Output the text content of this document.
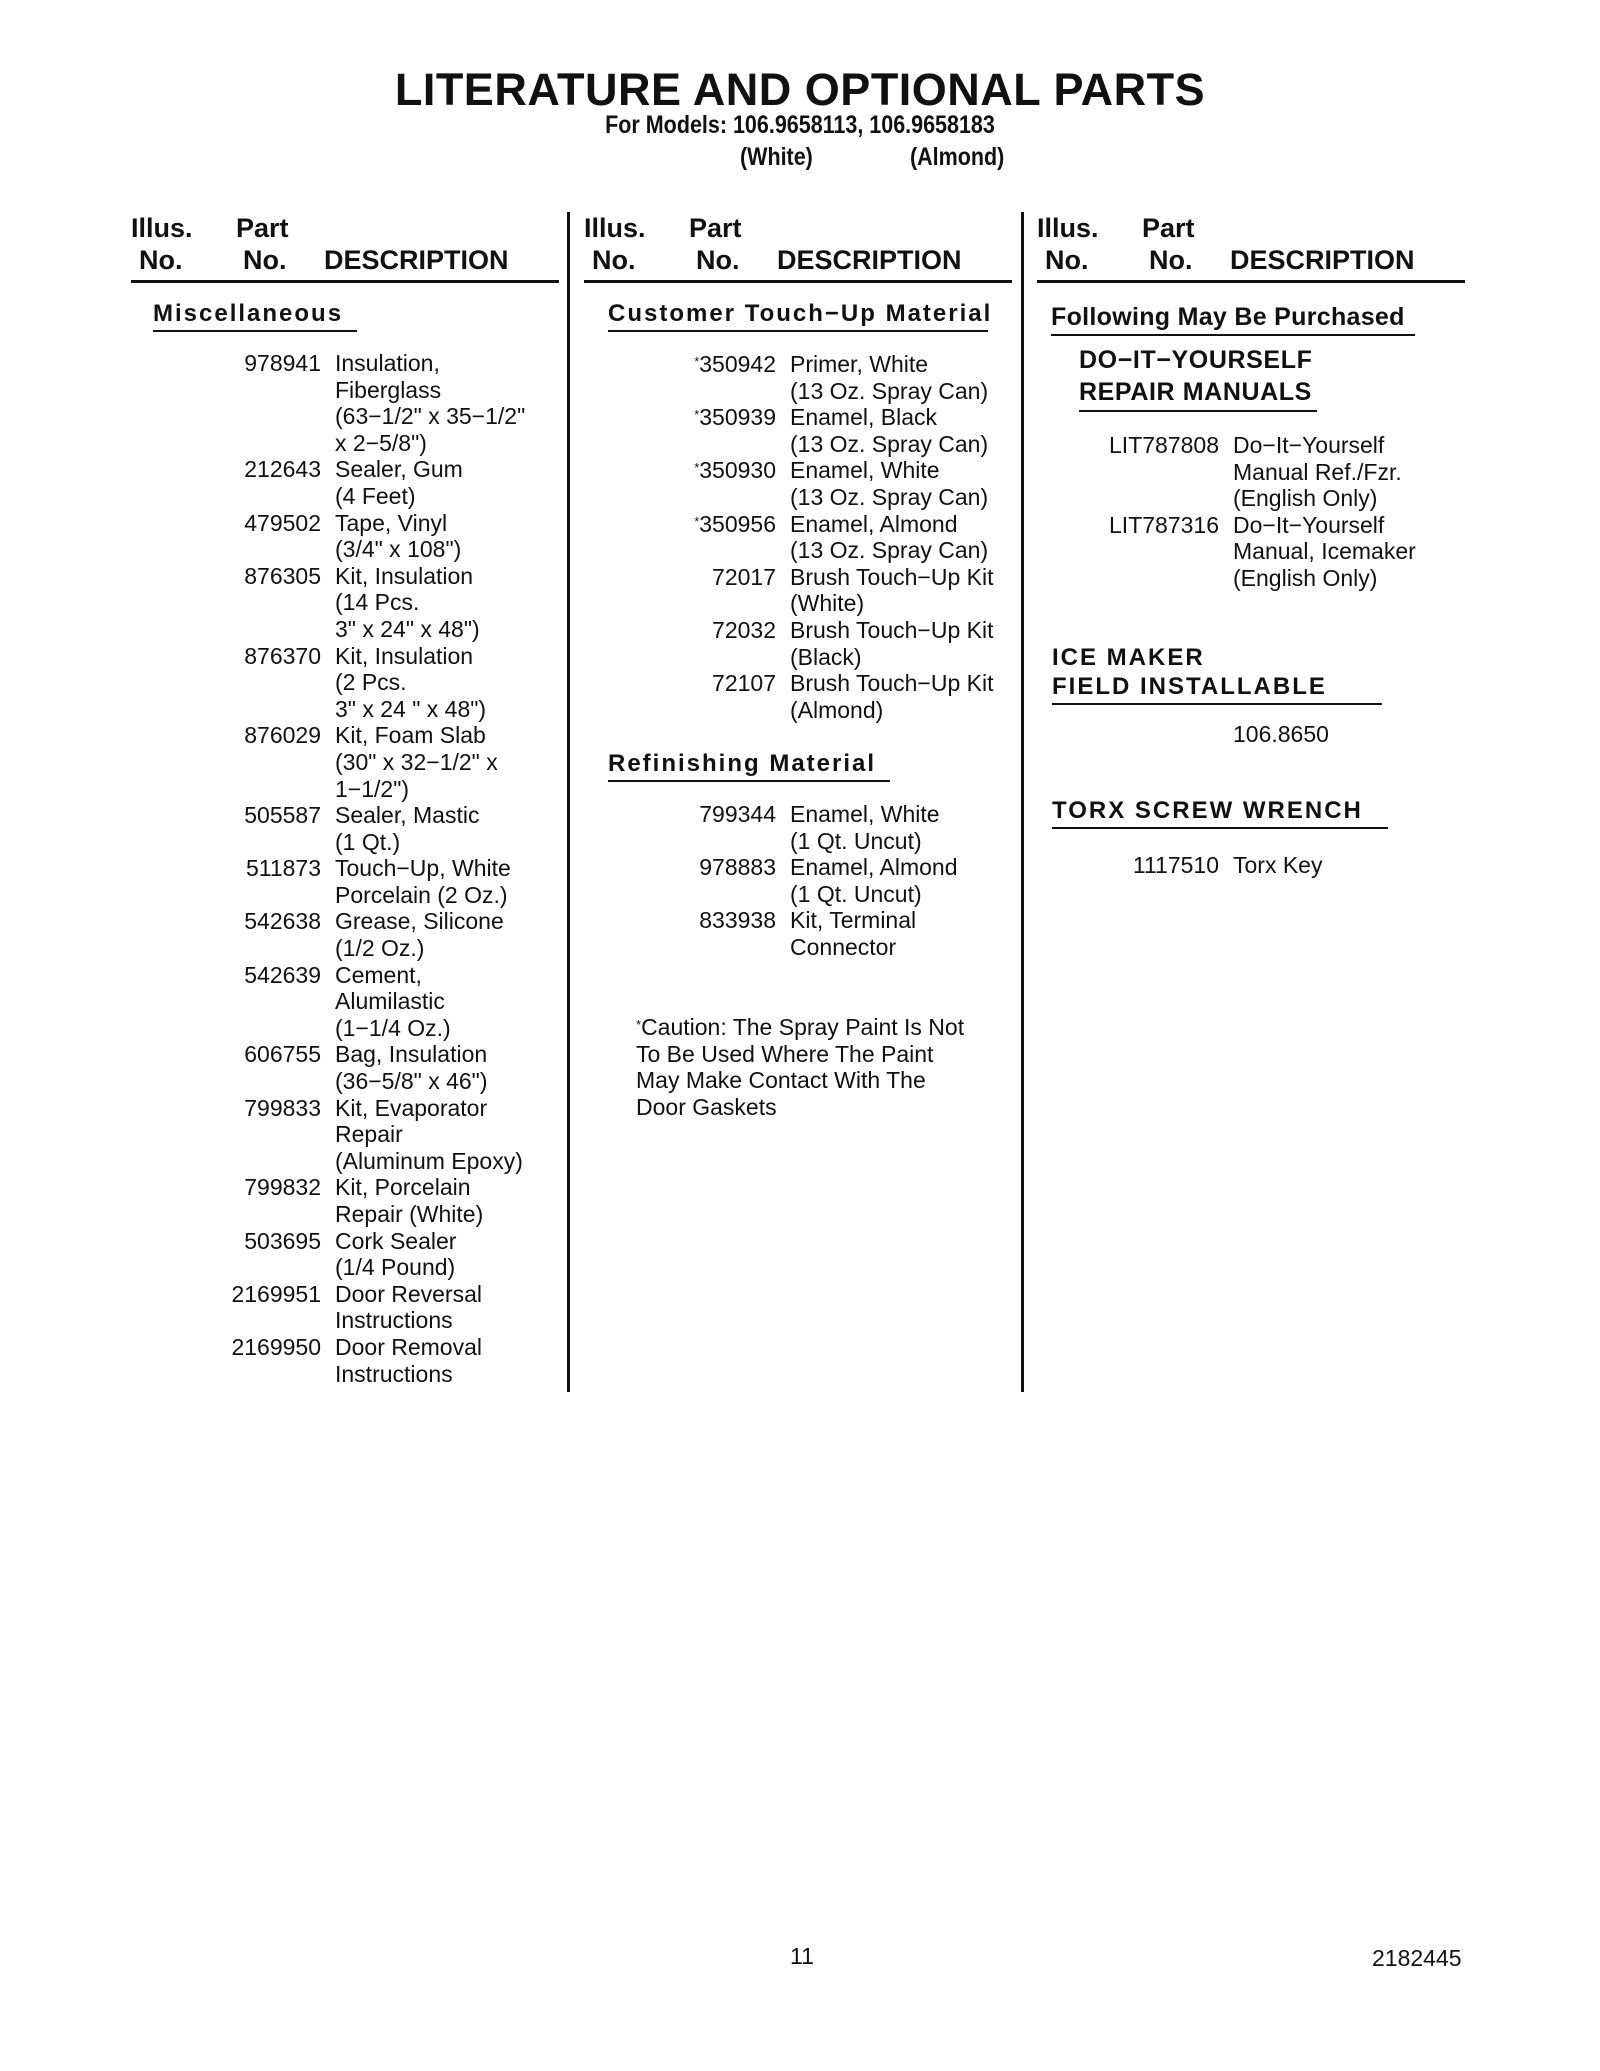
LITERATURE AND OPTIONAL PARTS
For Models: 106.9658113, 106.9658183
(White)	(Almond)
Illus. Part
No. No. DESCRIPTION
Illus. Part
No. No. DESCRIPTION
Illus. Part
No. No. DESCRIPTION
Miscellaneous
978941 Insulation,
Fiberglass
(63−1/2" x 35−1/2"
x 2−5/8")
212643 Sealer, Gum
(4 Feet)
479502 Tape, Vinyl
(3/4" x 108")
876305 Kit, Insulation
(14 Pcs.
3" x 24" x 48")
876370 Kit, Insulation
(2 Pcs.
3" x 24 " x 48")
876029 Kit, Foam Slab
(30" x 32−1/2" x
1−1/2")
505587 Sealer, Mastic
(1 Qt.)
511873 Touch−Up, White
Porcelain (2 Oz.)
542638 Grease, Silicone
(1/2 Oz.)
542639 Cement,
Alumilastic
(1−1/4 Oz.)
606755 Bag, Insulation
(36−5/8" x 46")
799833 Kit, Evaporator
Repair
(Aluminum Epoxy)
799832 Kit, Porcelain
Repair (White)
503695 Cork Sealer
(1/4 Pound)
2169951 Door Reversal
Instructions
2169950 Door Removal
Instructions
Customer Touch−Up Material
*350942 Primer, White
(13 Oz. Spray Can)
*350939 Enamel, Black
(13 Oz. Spray Can)
*350930 Enamel, White
(13 Oz. Spray Can)
*350956 Enamel, Almond
(13 Oz. Spray Can)
72017 Brush Touch−Up Kit
(White)
72032 Brush Touch−Up Kit
(Black)
72107 Brush Touch−Up Kit
(Almond)
Refinishing Material
799344 Enamel, White
(1 Qt. Uncut)
978883 Enamel, Almond
(1 Qt. Uncut)
833938 Kit, Terminal
Connector
*Caution: The Spray Paint Is Not
To Be Used Where The Paint
May Make Contact With The
Door Gaskets
Following May Be Purchased
DO−IT−YOURSELF
REPAIR MANUALS
LIT787808 Do−It−Yourself
Manual Ref./Fzr.
(English Only)
LIT787316 Do−It−Yourself
Manual, Icemaker
(English Only)
ICE MAKER
FIELD INSTALLABLE
106.8650
TORX SCREW WRENCH
1117510 Torx Key
11	2182445
